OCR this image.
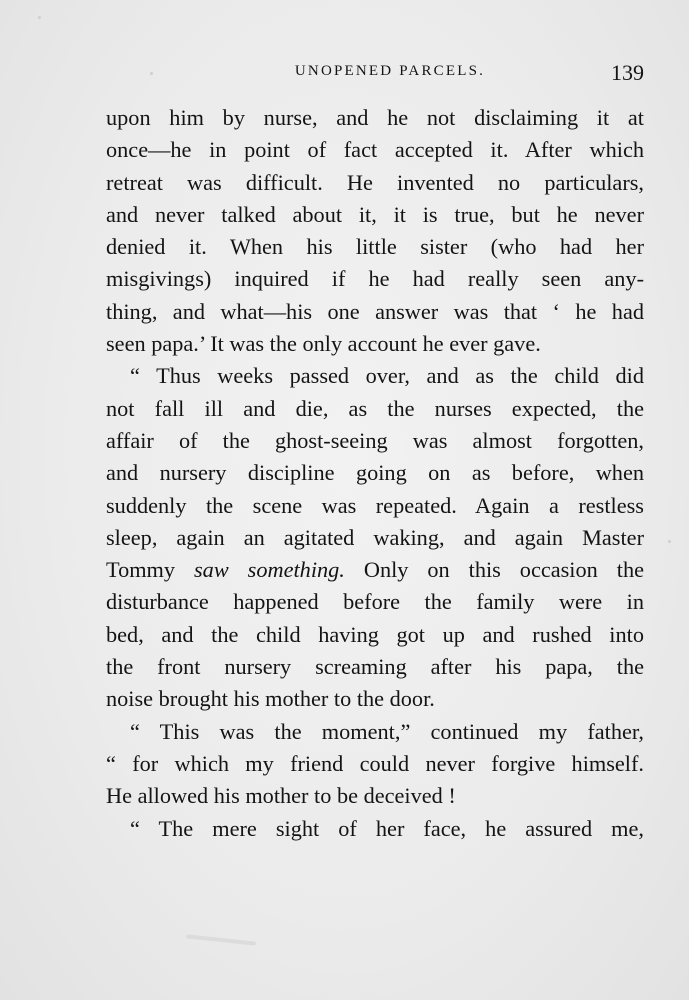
UNOPENED PARCELS.	139
upon him by nurse, and he not disclaiming it at
once—he in point of fact accepted it. After which
retreat was difficult. He invented no particulars,
and never talked about it, it is true, but he never
denied it. When his little sister (who had her
misgivings) inquired if he had really seen any-
thing, and what—his one answer was that ‘ he had
seen papa.’ It was the only account he ever gave.
“ Thus weeks passed over, and as the child did
not fall ill and die, as the nurses expected, the
affair of the ghost-seeing was almost forgotten,
and nursery discipline going on as before, when
suddenly the scene was repeated. Again a restless
sleep, again an agitated waking, and again Master
Tommy saw something. Only on this occasion the
disturbance happened before the family were in
bed, and the child having got up and rushed into
the front nursery screaming after his papa, the
noise brought his mother to the door.
“ This was the moment,” continued my father,
“ for which my friend could never forgive himself.
He allowed his mother to be deceived !
“ The mere sight of her face, he assured me,
